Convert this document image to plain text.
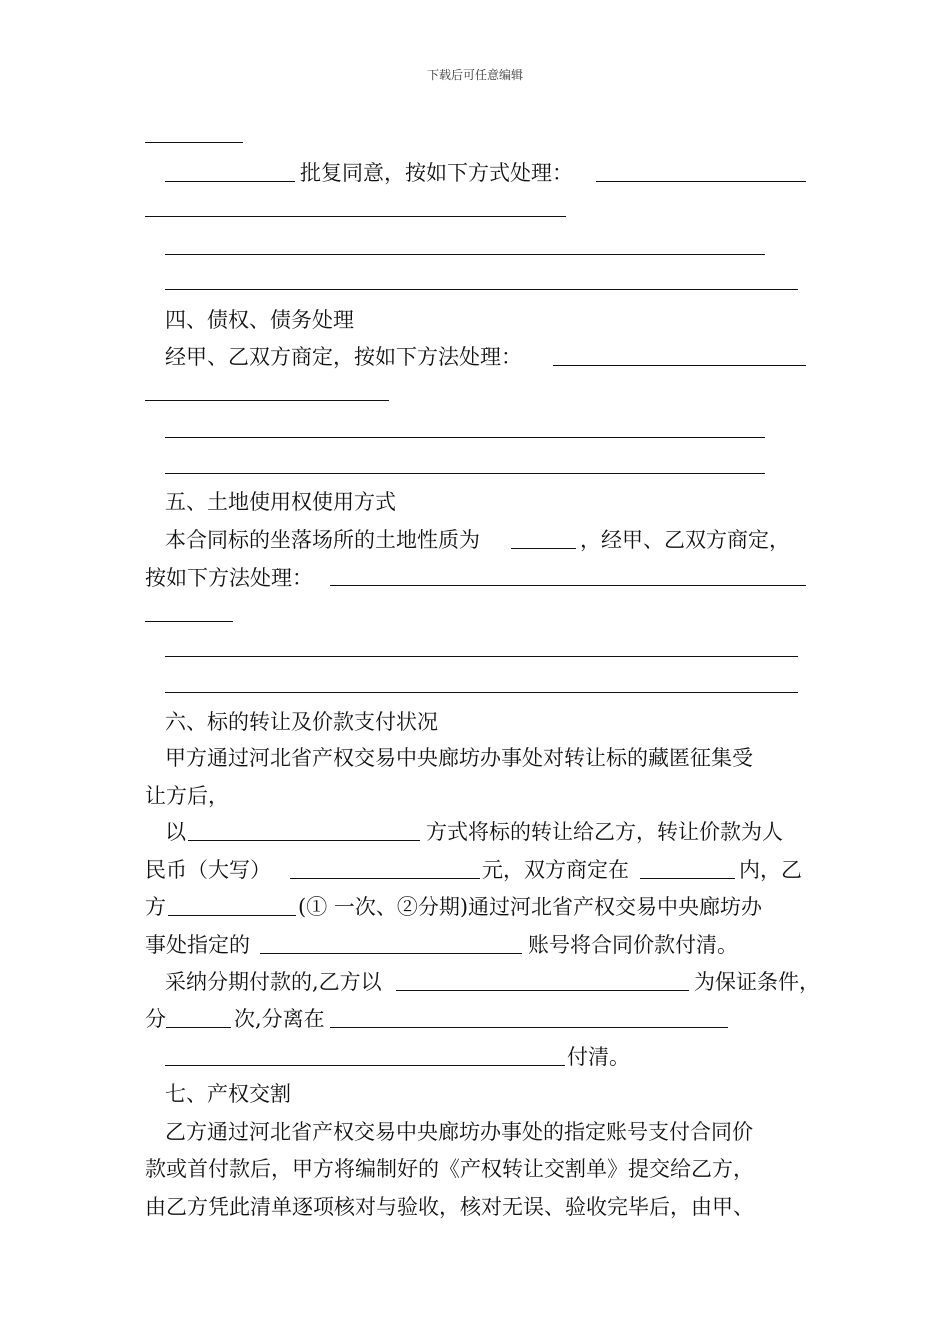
下载后可任意编辑
批复同意，按如下方式处理：
四、债权、债务处理
经甲、乙双方商定，按如下方法处理：
五、土地使用权使用方式
本合同标的坐落场所的土地性质为	，经甲、乙双方商定，
按如下方法处理：
六、标的转让及价款支付状况
甲方通过河北省产权交易中央廊坊办事处对转让标的藏匿征集受
让方后，
以	方式将标的转让给乙方，转让价款为人
民币（大写）	元，双方商定在	内，乙
方	(① 一次、②分期)通过河北省产权交易中央廊坊办
事处指定的	账号将合同价款付清。
采纳分期付款的,乙方以	为保证条件，
分	次,分离在
付清。
七、产权交割
乙方通过河北省产权交易中央廊坊办事处的指定账号支付合同价
款或首付款后，甲方将编制好的《产权转让交割单》提交给乙方，
由乙方凭此清单逐项核对与验收，核对无误、验收完毕后，由甲、
